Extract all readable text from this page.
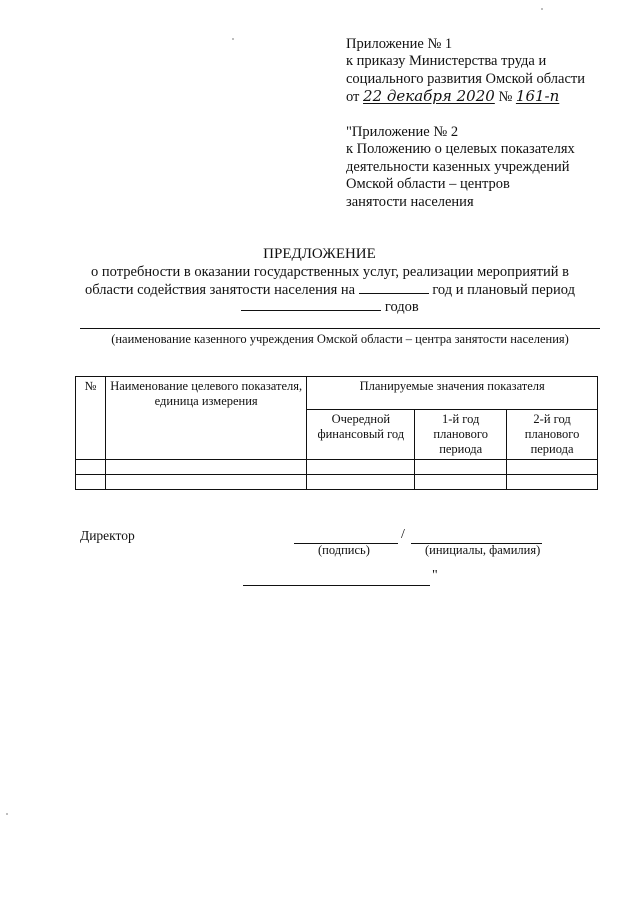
Приложение № 1
к приказу Министерства труда и
социального развития Омской области
от 22 декабря 2020 № 161-п
"Приложение № 2
к Положению о целевых показателях
деятельности казенных учреждений
Омской области – центров
занятости населения
ПРЕДЛОЖЕНИЕ
о потребности в оказании государственных услуг, реализации мероприятий в
области содействия занятости населения на	год и плановый период
годов
(наименование казенного учреждения Омской области – центра занятости населения)
№	Наименование целевого показателя, единица измерения	Планируемые значения показателя		
		Очередной финансовый год	1-й год планового периода	2-й год планового периода

Директор	/
(подпись)	(инициалы, фамилия)
"
